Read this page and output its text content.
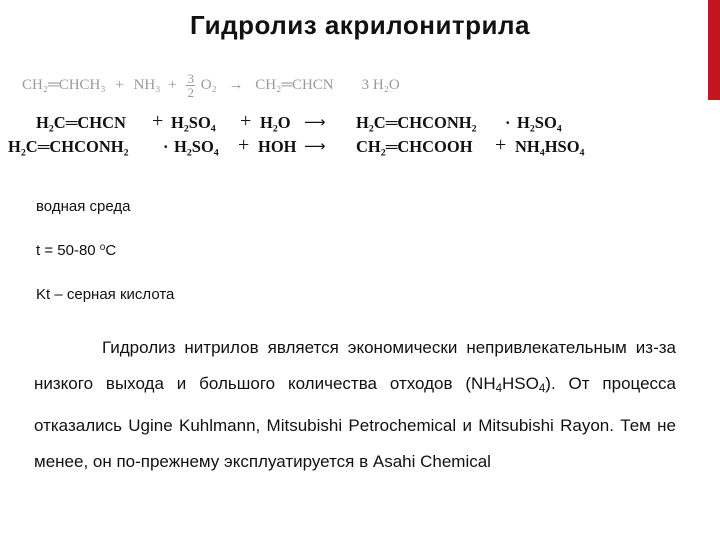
Гидролиз акрилонитрила
CH₂═CHCH₃ + $NH_3 + \frac{3}{2} O_2$ → CH₂═CHCN 3 H₂O
H₂C═CHCN + H₂SO₄ + H₂O ⟶ H₂C═CHCONH₂ · H₂SO₄
H₂C═CHCONH₂ · H₂SO₄ + HOH ⟶ CH₂═CHCOOH + NH₄HSO₄
водная среда
t = 50-80 $^o$C
Kt – серная кислота
Гидролиз нитрилов является экономически непривлекательным из-за низкого выхода и большого количества отходов $(NH_4HSO_4)$. От процесса отказались Ugine Kuhlmann, Mitsubishi Petrochemical и Mitsubishi Rayon. Тем не менее, он по-прежнему эксплуатируется в Asahi Chemical
